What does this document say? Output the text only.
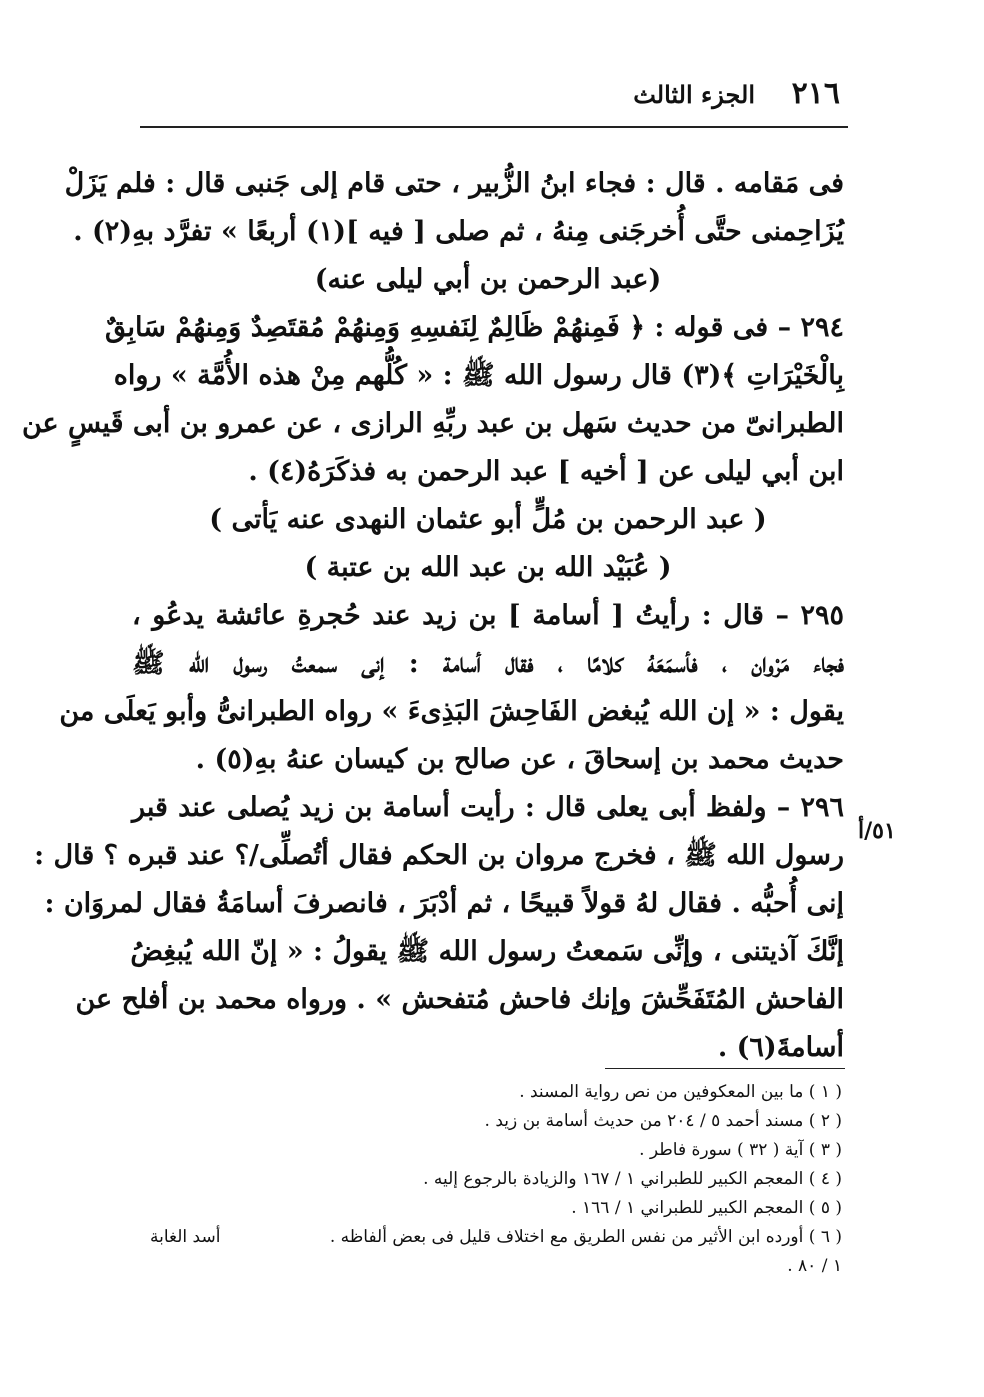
٢١٦
الجزء الثالث
فى مَقامه . قال : فجاء ابنُ الزُّبير ، حتى قام إلى جَنبى قال : فلم يَزَلْ
يُزَاحِمنى حتَّى أُخرجَنى مِنهُ ، ثم صلى [ فيه ](١) أربعًا » تفرَّد بهِ(٢) .
(عبد الرحمن بن أبي ليلى عنه)
٢٩٤ – فى قوله : ﴿ فَمِنهُمْ ظَالِمٌ لِنَفسِهِ وَمِنهُمْ مُقتَصِدٌ وَمِنهُمْ سَابِقٌ
بِالْخَيْرَاتِ ﴾(٣) قال رسول الله ﷺ : « كُلُّهم مِنْ هذه الأُمَّة » رواه
الطبرانىّ من حديث سَهل بن عبد ربِّهِ الرازى ، عن عمرو بن أبى قَيسٍ عن
ابن أبي ليلى عن [ أخيه ] عبد الرحمن به فذكَرَهُ(٤) .
( عبد الرحمن بن مُلٍّ أبو عثمان النهدى عنه يَأتى )
( عُبَيْد الله بن عبد الله بن عتبة )
٢٩٥ – قال : رأيتُ [ أسامة ] بن زيد عند حُجرةِ عائشة يدعُو ،
فجاء مَرْوان ، فأسمَعَهُ كلامًا ، فقال أسامة : إنى سمعتُ رسول الله ﷺ
يقول : « إن الله يُبغض الفَاحِشَ البَذِىءَ » رواه الطبرانىُّ وأبو يَعلَى من
حديث محمد بن إسحاقَ ، عن صالح بن كيسان عنهُ بهِ(٥) .
٢٩٦ – ولفظ أبى يعلى قال : رأيت أسامة بن زيد يُصلى عند قبر
رسول الله ﷺ ، فخرج مروان بن الحكم فقال أتُصلِّى/؟ عند قبره ؟ قال :
إنى أُحبُّه . فقال لهُ قولاً قبيحًا ، ثم أدْبَرَ ، فانصرفَ أسامَةُ فقال لمروَان :
إنَّكَ آذيتنى ، وإنِّى سَمعتُ رسول الله ﷺ يقولُ : « إنّ الله يُبغِضُ
الفاحش المُتَفَحِّشَ وإنك فاحش مُتفحش » . ورواه محمد بن أفلح عن
أسامةَ(٦) .
٥١/أ
( ١ ) ما بين المعكوفين من نص رواية المسند .
( ٢ ) مسند أحمد ٥ / ٢٠٤ من حديث أسامة بن زيد .
( ٣ ) آية ( ٣٢ ) سورة فاطر .
( ٤ ) المعجم الكبير للطبراني ١ / ١٦٧ والزيادة بالرجوع إليه .
( ٥ ) المعجم الكبير للطبراني ١ / ١٦٦ .
( ٦ ) أورده ابن الأثير من نفس الطريق مع اختلاف قليل فى بعض ألفاظه .
أسد الغابة
١ / ٨٠ .
